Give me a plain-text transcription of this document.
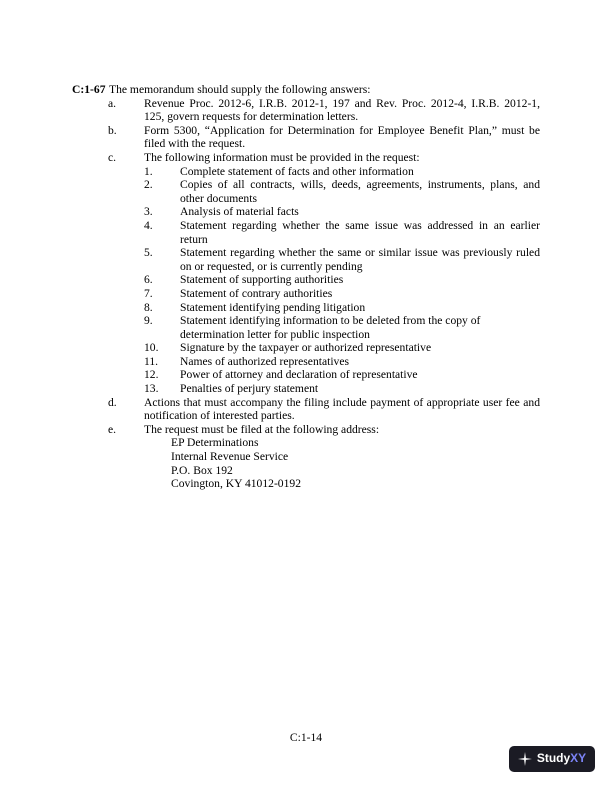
C:1-67 The memorandum should supply the following answers:
a.	Revenue Proc. 2012-6, I.R.B. 2012-1, 197 and Rev. Proc. 2012-4, I.R.B. 2012-1, 125, govern requests for determination letters.
b.	Form 5300, “Application for Determination for Employee Benefit Plan,” must be filed with the request.
c.	The following information must be provided in the request:
1.	Complete statement of facts and other information
2.	Copies of all contracts, wills, deeds, agreements, instruments, plans, and other documents
3.	Analysis of material facts
4.	Statement regarding whether the same issue was addressed in an earlier return
5.	Statement regarding whether the same or similar issue was previously ruled on or requested, or is currently pending
6.	Statement of supporting authorities
7.	Statement of contrary authorities
8.	Statement identifying pending litigation
9.	Statement identifying information to be deleted from the copy of determination letter for public inspection
10.	Signature by the taxpayer or authorized representative
11.	Names of authorized representatives
12.	Power of attorney and declaration of representative
13.	Penalties of perjury statement
d.	Actions that must accompany the filing include payment of appropriate user fee and notification of interested parties.
e.	The request must be filed at the following address:
EP Determinations
Internal Revenue Service
P.O. Box 192
Covington, KY 41012-0192
C:1-14
Study XY
